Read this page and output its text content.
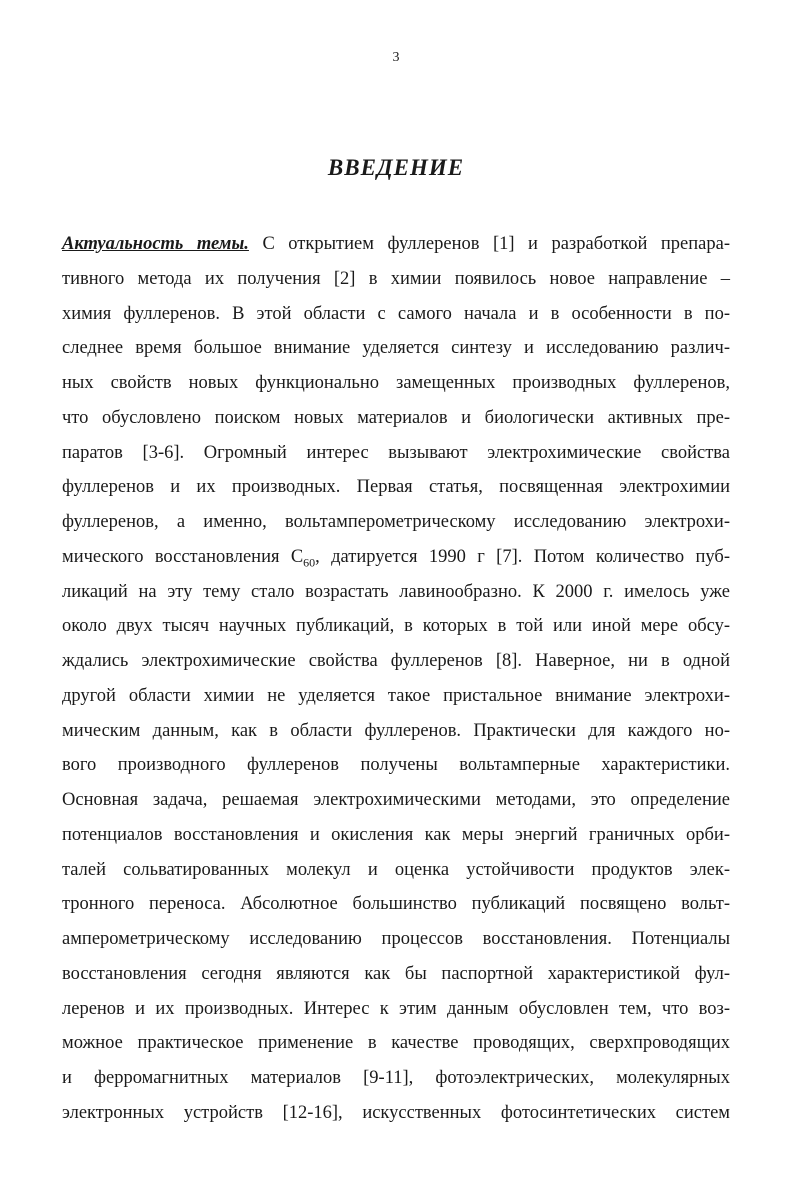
3
ВВЕДЕНИЕ
Актуальность темы. С открытием фуллеренов [1] и разработкой препара-
тивного метода их получения [2] в химии появилось новое направление –
химия фуллеренов. В этой области с самого начала и в особенности в по-
следнее время большое внимание уделяется синтезу и исследованию различ-
ных свойств новых функционально замещенных производных фуллеренов,
что обусловлено поиском новых материалов и биологически активных пре-
паратов [3-6]. Огромный интерес вызывают электрохимические свойства
фуллеренов и их производных. Первая статья, посвященная электрохимии
фуллеренов, а именно, вольтамперометрическому исследованию электрохи-
мического восстановления $C_{60}$, датируется 1990 г [7]. Потом количество пуб-
ликаций на эту тему стало возрастать лавинообразно. К 2000 г. имелось уже
около двух тысяч научных публикаций, в которых в той или иной мере обсу-
ждались электрохимические свойства фуллеренов [8]. Наверное, ни в одной
другой области химии не уделяется такое пристальное внимание электрохи-
мическим данным, как в области фуллеренов. Практически для каждого но-
вого производного фуллеренов получены вольтамперные характеристики.
Основная задача, решаемая электрохимическими методами, это определение
потенциалов восстановления и окисления как меры энергий граничных орби-
талей сольватированных молекул и оценка устойчивости продуктов элек-
тронного переноса. Абсолютное большинство публикаций посвящено вольт-
амперометрическому исследованию процессов восстановления. Потенциалы
восстановления сегодня являются как бы паспортной характеристикой фул-
леренов и их производных. Интерес к этим данным обусловлен тем, что воз-
можное практическое применение в качестве проводящих, сверхпроводящих
и ферромагнитных материалов [9-11], фотоэлектрических, молекулярных
электронных устройств [12-16], искусственных фотосинтетических систем
